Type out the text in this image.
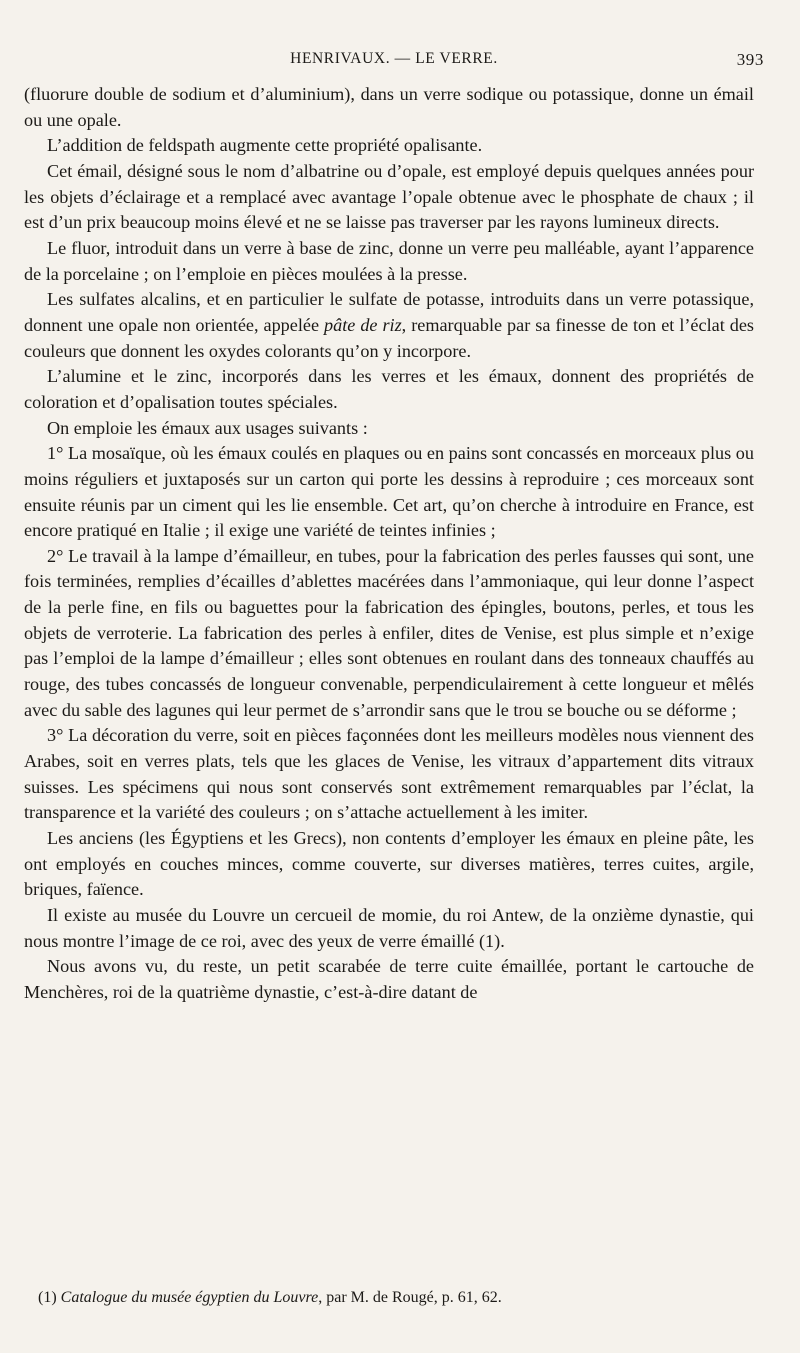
HENRIVAUX. — LE VERRE.	393

(fluorure double de sodium et d’aluminium), dans un verre sodique ou potassique, donne un émail ou une opale.

L’addition de feldspath augmente cette propriété opalisante.

Cet émail, désigné sous le nom d’albatrine ou d’opale, est employé depuis quelques années pour les objets d’éclairage et a remplacé avec avantage l’opale obtenue avec le phosphate de chaux ; il est d’un prix beaucoup moins élevé et ne se laisse pas traverser par les rayons lumineux directs.

Le fluor, introduit dans un verre à base de zinc, donne un verre peu malléable, ayant l’apparence de la porcelaine ; on l’emploie en pièces moulées à la presse.

Les sulfates alcalins, et en particulier le sulfate de potasse, introduits dans un verre potassique, donnent une opale non orientée, appelée pâte de riz, remarquable par sa finesse de ton et l’éclat des couleurs que donnent les oxydes colorants qu’on y incorpore.

L’alumine et le zinc, incorporés dans les verres et les émaux, donnent des propriétés de coloration et d’opalisation toutes spéciales.

On emploie les émaux aux usages suivants :

1° La mosaïque, où les émaux coulés en plaques ou en pains sont concassés en morceaux plus ou moins réguliers et juxtaposés sur un carton qui porte les dessins à reproduire ; ces morceaux sont ensuite réunis par un ciment qui les lie ensemble. Cet art, qu’on cherche à introduire en France, est encore pratiqué en Italie ; il exige une variété de teintes infinies ;

2° Le travail à la lampe d’émailleur, en tubes, pour la fabrication des perles fausses qui sont, une fois terminées, remplies d’écailles d’ablettes macérées dans l’ammoniaque, qui leur donne l’aspect de la perle fine, en fils ou baguettes pour la fabrication des épingles, boutons, perles, et tous les objets de verroterie. La fabrication des perles à enfiler, dites de Venise, est plus simple et n’exige pas l’emploi de la lampe d’émailleur ; elles sont obtenues en roulant dans des tonneaux chauffés au rouge, des tubes concassés de longueur convenable, perpendiculairement à cette longueur et mêlés avec du sable des lagunes qui leur permet de s’arrondir sans que le trou se bouche ou se déforme ;

3° La décoration du verre, soit en pièces façonnées dont les meilleurs modèles nous viennent des Arabes, soit en verres plats, tels que les glaces de Venise, les vitraux d’appartement dits vitraux suisses. Les spécimens qui nous sont conservés sont extrêmement remarquables par l’éclat, la transparence et la variété des couleurs ; on s’attache actuellement à les imiter.

Les anciens (les Égyptiens et les Grecs), non contents d’employer les émaux en pleine pâte, les ont employés en couches minces, comme couverte, sur diverses matières, terres cuites, argile, briques, faïence.

Il existe au musée du Louvre un cercueil de momie, du roi Antew, de la onzième dynastie, qui nous montre l’image de ce roi, avec des yeux de verre émaillé (1).

Nous avons vu, du reste, un petit scarabée de terre cuite émaillée, portant le cartouche de Menchères, roi de la quatrième dynastie, c’est-à-dire datant de

(1) Catalogue du musée égyptien du Louvre, par M. de Rougé, p. 61, 62.
